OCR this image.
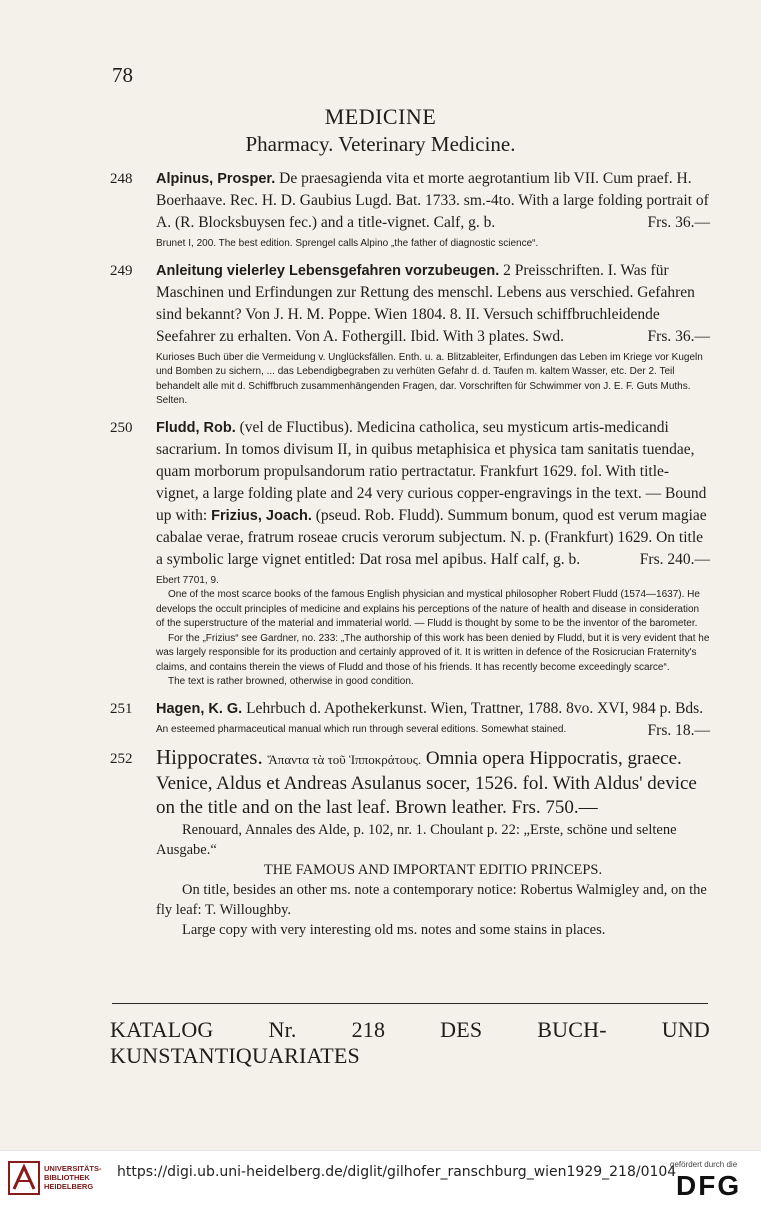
78
MEDICINE
Pharmacy. Veterinary Medicine.
248 Alpinus, Prosper. De praesagienda vita et morte aegrotantium lib VII. Cum praef. H. Boerhaave. Rec. H. D. Gaubius Lugd. Bat. 1733. sm.-4to. With a large folding portrait of A. (R. Blocksbuysen fec.) and a title-vignet. Calf, g. b.	Frs. 36.—

Brunet I, 200. The best edition. Sprengel calls Alpino „the father of diagnostic science“.

249 Anleitung vielerley Lebensgefahren vorzubeugen. 2 Preisschriften. I. Was für Maschinen und Erfindungen zur Rettung des menschl. Lebens aus verschied. Gefahren sind bekannt? Von J. H. M. Poppe. Wien 1804. 8. II. Versuch schiffbruchleidende Seefahrer zu erhalten. Von A. Fothergill. Ibid. With 3 plates. Swd.	Frs. 36.—

Kurioses Buch über die Vermeidung v. Unglücksfällen. Enth. u. a. Blitzableiter, Erfindungen das Leben im Kriege vor Kugeln und Bomben zu sichern, ... das Lebendigbegraben zu verhüten Gefahr d. d. Taufen m. kaltem Wasser, etc. Der 2. Teil behandelt alle mit d. Schiffbruch zusammenhängenden Fragen, dar. Vorschriften für Schwimmer von J. E. F. Guts Muths. Selten.

250 Fludd, Rob. (vel de Fluctibus). Medicina catholica, seu mysticum artis-medicandi sacrarium. In tomos divisum II, in quibus metaphisica et physica tam sanitatis tuendae, quam morborum propulsandorum ratio pertractatur. Frankfurt 1629. fol. With title-vignet, a large folding plate and 24 very curious copper-engravings in the text. — Bound up with: Frizius, Joach. (pseud. Rob. Fludd). Summum bonum, quod est verum magiae cabalae verae, fratrum roseae crucis verorum subjectum. N. p. (Frankfurt) 1629. On title a symbolic large vignet entitled: Dat rosa mel apibus. Half calf, g. b.	Frs. 240.—

Ebert 7701, 9.

One of the most scarce books of the famous English physician and mystical philosopher Robert Fludd (1574—1637). He develops the occult principles of medicine and explains his perceptions of the nature of health and disease in consideration of the superstructure of the material and immaterial world. — Fludd is thought by some to be the inventor of the barometer.

For the „Frizius“ see Gardner, no. 233: „The authorship of this work has been denied by Fludd, but it is very evident that he was largely responsible for its production and certainly approved of it. It is written in defence of the Rosicrucian Fraternity's claims, and contains therein the views of Fludd and those of his friends. It has recently become exceedingly scarce“.

The text is rather browned, otherwise in good condition.

251 Hagen, K. G. Lehrbuch d. Apothekerkunst. Wien, Trattner, 1788. 8vo. XVI, 984 p. Bds.
Frs. 18.—

An esteemed pharmaceutical manual which run through several editions. Somewhat stained.

252 Hippocrates. Ἅπαντα τὰ τοῦ Ἱπποκράτους. Omnia opera Hippocratis, graece. Venice, Aldus et Andreas Asulanus socer, 1526. fol. With Aldus' device on the title and on the last leaf. Brown leather. Frs. 750.—

Renouard, Annales des Alde, p. 102, nr. 1. Choulant p. 22: „Erste, schöne und seltene Ausgabe.“

THE FAMOUS AND IMPORTANT EDITIO PRINCEPS.

On title, besides an other ms. note a contemporary notice: Robertus Walmigley and, on the fly leaf: T. Willoughby.

Large copy with very interesting old ms. notes and some stains in places.

KATALOG Nr. 218 DES BUCH- UND KUNSTANTIQUARIATES
UNIVERSITÄTS-
BIBLIOTHEK
HEIDELBERG
https://digi.ub.uni-heidelberg.de/diglit/gilhofer_ranschburg_wien1929_218/0104
gefördert durch die
DFG
